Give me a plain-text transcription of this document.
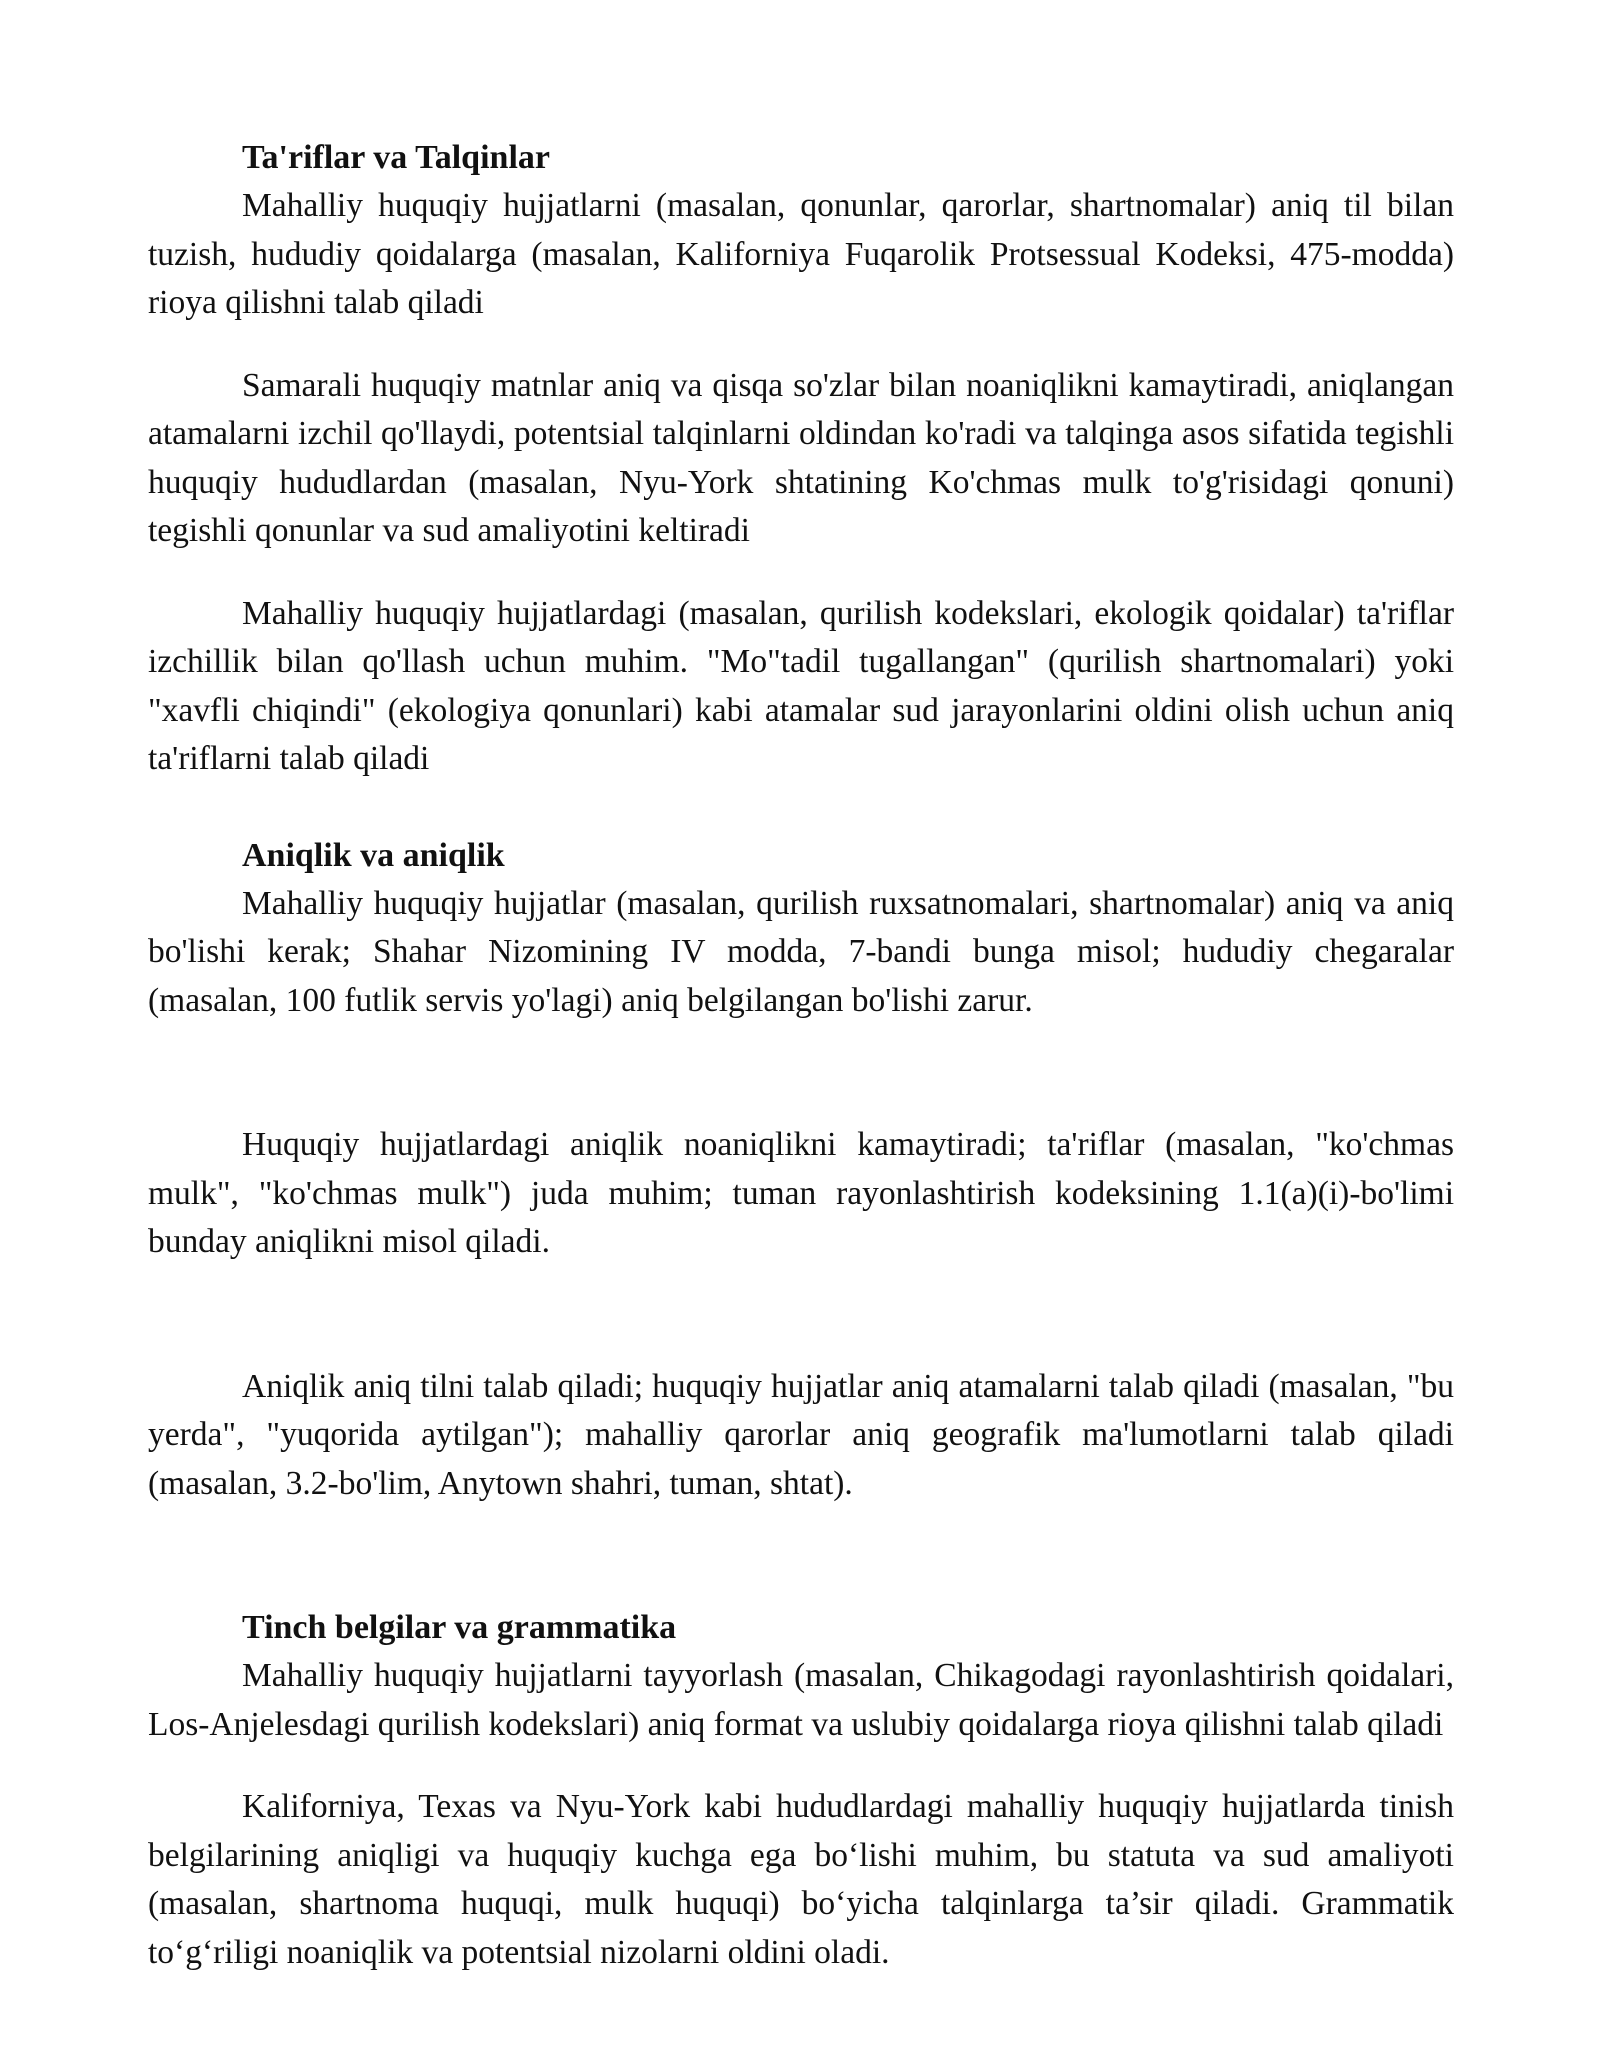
Ta'riflar va Talqinlar

Mahalliy huquqiy hujjatlarni (masalan, qonunlar, qarorlar, shartnomalar) aniq til bilan tuzish, hududiy qoidalarga (masalan, Kaliforniya Fuqarolik Protsessual Kodeksi, 475-modda) rioya qilishni talab qiladi

Samarali huquqiy matnlar aniq va qisqa so'zlar bilan noaniqlikni kamaytiradi, aniqlangan atamalarni izchil qo'llaydi, potentsial talqinlarni oldindan ko'radi va talqinga asos sifatida tegishli huquqiy hududlardan (masalan, Nyu-York shtatining Ko'chmas mulk to'g'risidagi qonuni) tegishli qonunlar va sud amaliyotini keltiradi

Mahalliy huquqiy hujjatlardagi (masalan, qurilish kodekslari, ekologik qoidalar) ta'riflar izchillik bilan qo'llash uchun muhim. "Mo"tadil tugallangan" (qurilish shartnomalari) yoki "xavfli chiqindi" (ekologiya qonunlari) kabi atamalar sud jarayonlarini oldini olish uchun aniq ta'riflarni talab qiladi

Aniqlik va aniqlik

Mahalliy huquqiy hujjatlar (masalan, qurilish ruxsatnomalari, shartnomalar) aniq va aniq bo'lishi kerak; Shahar Nizomining IV modda, 7-bandi bunga misol; hududiy chegaralar (masalan, 100 futlik servis yo'lagi) aniq belgilangan bo'lishi zarur.

Huquqiy hujjatlardagi aniqlik noaniqlikni kamaytiradi; ta'riflar (masalan, "ko'chmas mulk", "ko'chmas mulk") juda muhim; tuman rayonlashtirish kodeksining 1.1(a)(i)-bo'limi bunday aniqlikni misol qiladi.

Aniqlik aniq tilni talab qiladi; huquqiy hujjatlar aniq atamalarni talab qiladi (masalan, "bu yerda", "yuqorida aytilgan"); mahalliy qarorlar aniq geografik ma'lumotlarni talab qiladi (masalan, 3.2-bo'lim, Anytown shahri, tuman, shtat).

Tinch belgilar va grammatika

Mahalliy huquqiy hujjatlarni tayyorlash (masalan, Chikagodagi rayonlashtirish qoidalari, Los-Anjelesdagi qurilish kodekslari) aniq format va uslubiy qoidalarga rioya qilishni talab qiladi

Kaliforniya, Texas va Nyu-York kabi hududlardagi mahalliy huquqiy hujjatlarda tinish belgilarining aniqligi va huquqiy kuchga ega bo‘lishi muhim, bu statuta va sud amaliyoti (masalan, shartnoma huquqi, mulk huquqi) bo‘yicha talqinlarga ta’sir qiladi. Grammatik to‘g‘riligi noaniqlik va potentsial nizolarni oldini oladi.
